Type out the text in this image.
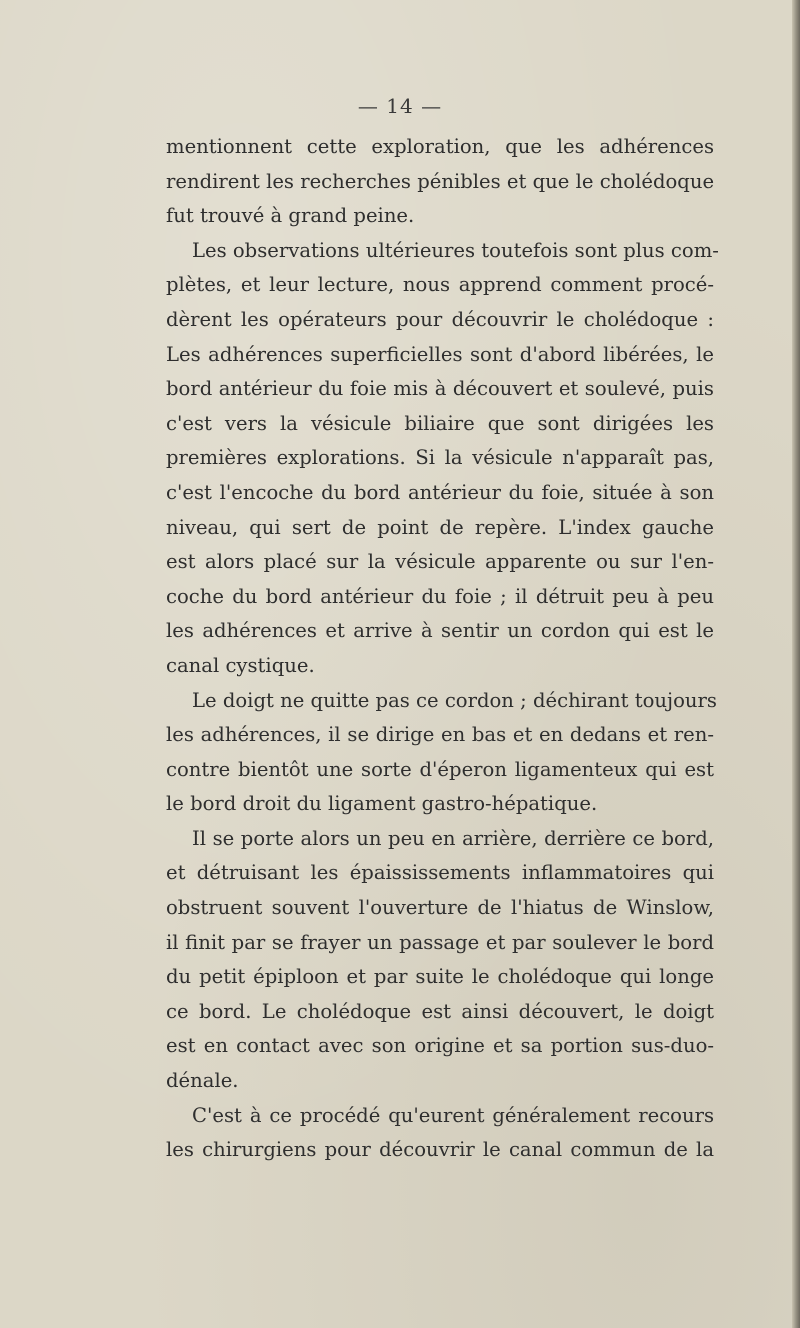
— 14 —
mentionnent cette exploration, que les adhérences
rendirent les recherches pénibles et que le cholédoque
fut trouvé à grand peine.
Les observations ultérieures toutefois sont plus com-
plètes, et leur lecture, nous apprend comment procé-
dèrent les opérateurs pour découvrir le cholédoque :
Les adhérences superficielles sont d'abord libérées, le
bord antérieur du foie mis à découvert et soulevé, puis
c'est vers la vésicule biliaire que sont dirigées les
premières explorations. Si la vésicule n'apparaît pas,
c'est l'encoche du bord antérieur du foie, située à son
niveau, qui sert de point de repère. L'index gauche
est alors placé sur la vésicule apparente ou sur l'en-
coche du bord antérieur du foie ; il détruit peu à peu
les adhérences et arrive à sentir un cordon qui est le
canal cystique.
Le doigt ne quitte pas ce cordon ; déchirant toujours
les adhérences, il se dirige en bas et en dedans et ren-
contre bientôt une sorte d'éperon ligamenteux qui est
le bord droit du ligament gastro-hépatique.
Il se porte alors un peu en arrière, derrière ce bord,
et détruisant les épaississements inflammatoires qui
obstruent souvent l'ouverture de l'hiatus de Winslow,
il finit par se frayer un passage et par soulever le bord
du petit épiploon et par suite le cholédoque qui longe
ce bord. Le cholédoque est ainsi découvert, le doigt
est en contact avec son origine et sa portion sus-duo-
dénale.
C'est à ce procédé qu'eurent généralement recours
les chirurgiens pour découvrir le canal commun de la
